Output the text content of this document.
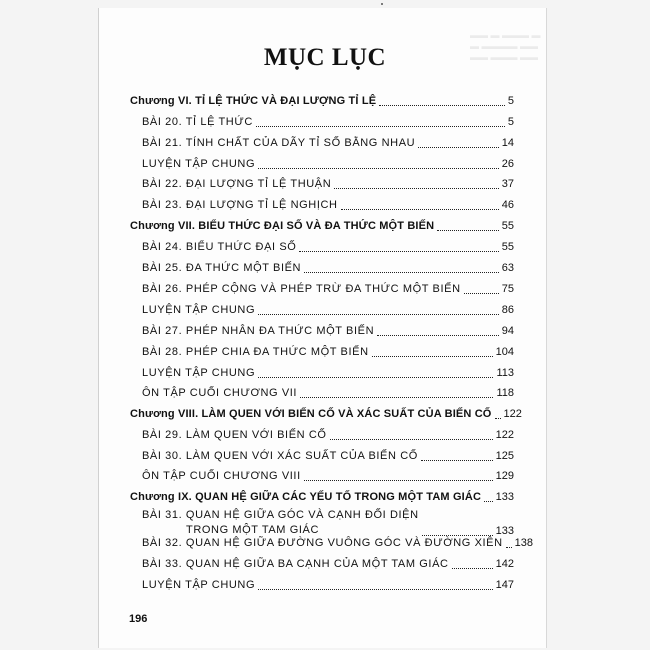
▬▬ ▬ ▬▬▬ ▬
▬ ▬▬▬▬ ▬▬
▬▬ ▬▬▬ ▬▬
MỤC LỤC
Chương VI. TỈ LỆ THỨC VÀ ĐẠI LƯỢNG TỈ LỆ	5
BÀI 20. TỈ LỆ THỨC	5
BÀI 21. TÍNH CHẤT CỦA DÃY TỈ SỐ BẰNG NHAU	14
LUYỆN TẬP CHUNG	26
BÀI 22. ĐẠI LƯỢNG TỈ LỆ THUẬN	37
BÀI 23. ĐẠI LƯỢNG TỈ LỆ NGHỊCH	46
Chương VII. BIỂU THỨC ĐẠI SỐ VÀ ĐA THỨC MỘT BIẾN	55
BÀI 24. BIỂU THỨC ĐẠI SỐ	55
BÀI 25. ĐA THỨC MỘT BIẾN	63
BÀI 26. PHÉP CỘNG VÀ PHÉP TRỪ ĐA THỨC MỘT BIẾN	75
LUYỆN TẬP CHUNG	86
BÀI 27. PHÉP NHÂN ĐA THỨC MỘT BIẾN	94
BÀI 28. PHÉP CHIA ĐA THỨC MỘT BIẾN	104
LUYỆN TẬP CHUNG	113
ÔN TẬP CUỐI CHƯƠNG VII	118
Chương VIII. LÀM QUEN VỚI BIẾN CỐ VÀ XÁC SUẤT CỦA BIẾN CỐ 122
BÀI 29. LÀM QUEN VỚI BIẾN CỐ	122
BÀI 30. LÀM QUEN VỚI XÁC SUẤT CỦA BIẾN CỐ	125
ÔN TẬP CUỐI CHƯƠNG VIII	129
Chương IX. QUAN HỆ GIỮA CÁC YẾU TỐ TRONG MỘT TAM GIÁC 133
BÀI 31. QUAN HỆ GIỮA GÓC VÀ CẠNH ĐỐI DIỆN
TRONG MỘT TAM GIÁC	133
BÀI 32. QUAN HỆ GIỮA ĐƯỜNG VUÔNG GÓC VÀ ĐƯỜNG XIÊN 138
BÀI 33. QUAN HỆ GIỮA BA CẠNH CỦA MỘT TAM GIÁC	142
LUYỆN TẬP CHUNG	147
196
